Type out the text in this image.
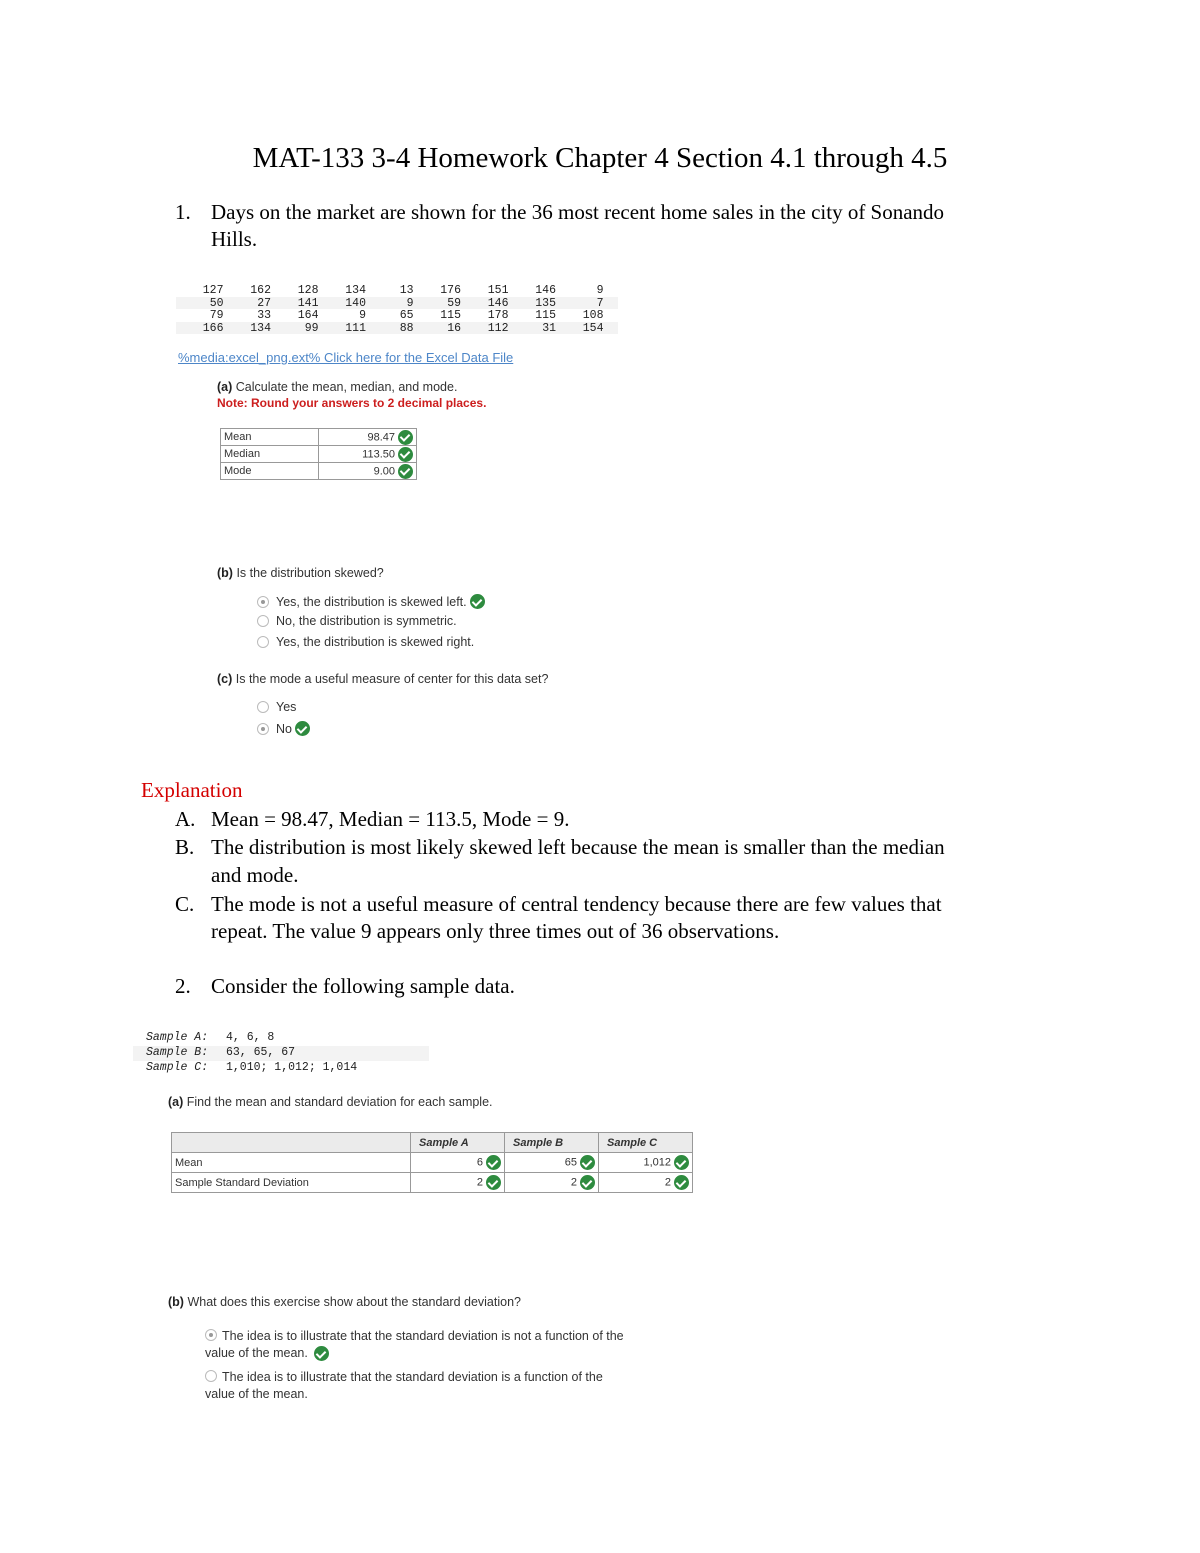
MAT-133 3-4 Homework Chapter 4 Section 4.1 through 4.5
1. Days on the market are shown for the 36 most recent home sales in the city of Sonando
Hills.
127	162	128	134	13	176	151	146	9
50	27	141	140	9	59	146	135	7
79	33	164	9	65	115	178	115	108
166	134	99	111	88	16	112	31	154
%media:excel_png.ext% Click here for the Excel Data File
(a) Calculate the mean, median, and mode.
Note: Round your answers to 2 decimal places.
Mean	98.47
Median	113.50
Mode	9.00
(b) Is the distribution skewed?
Yes, the distribution is skewed left.
No, the distribution is symmetric.
Yes, the distribution is skewed right.
(c) Is the mode a useful measure of center for this data set?
Yes
No
Explanation
A. Mean = 98.47, Median = 113.5, Mode = 9.
B. The distribution is most likely skewed left because the mean is smaller than the median
and mode.
C. The mode is not a useful measure of central tendency because there are few values that
repeat. The value 9 appears only three times out of 36 observations.
2. Consider the following sample data.
Sample A:	4, 6, 8
Sample B:	63, 65, 67
Sample C:	1,010; 1,012; 1,014
(a) Find the mean and standard deviation for each sample.
	Sample A	Sample B	Sample C
Mean	6	65	1,012
Sample Standard Deviation	2	2	2
(b) What does this exercise show about the standard deviation?
The idea is to illustrate that the standard deviation is not a function of the
value of the mean.
The idea is to illustrate that the standard deviation is a function of the
value of the mean.
